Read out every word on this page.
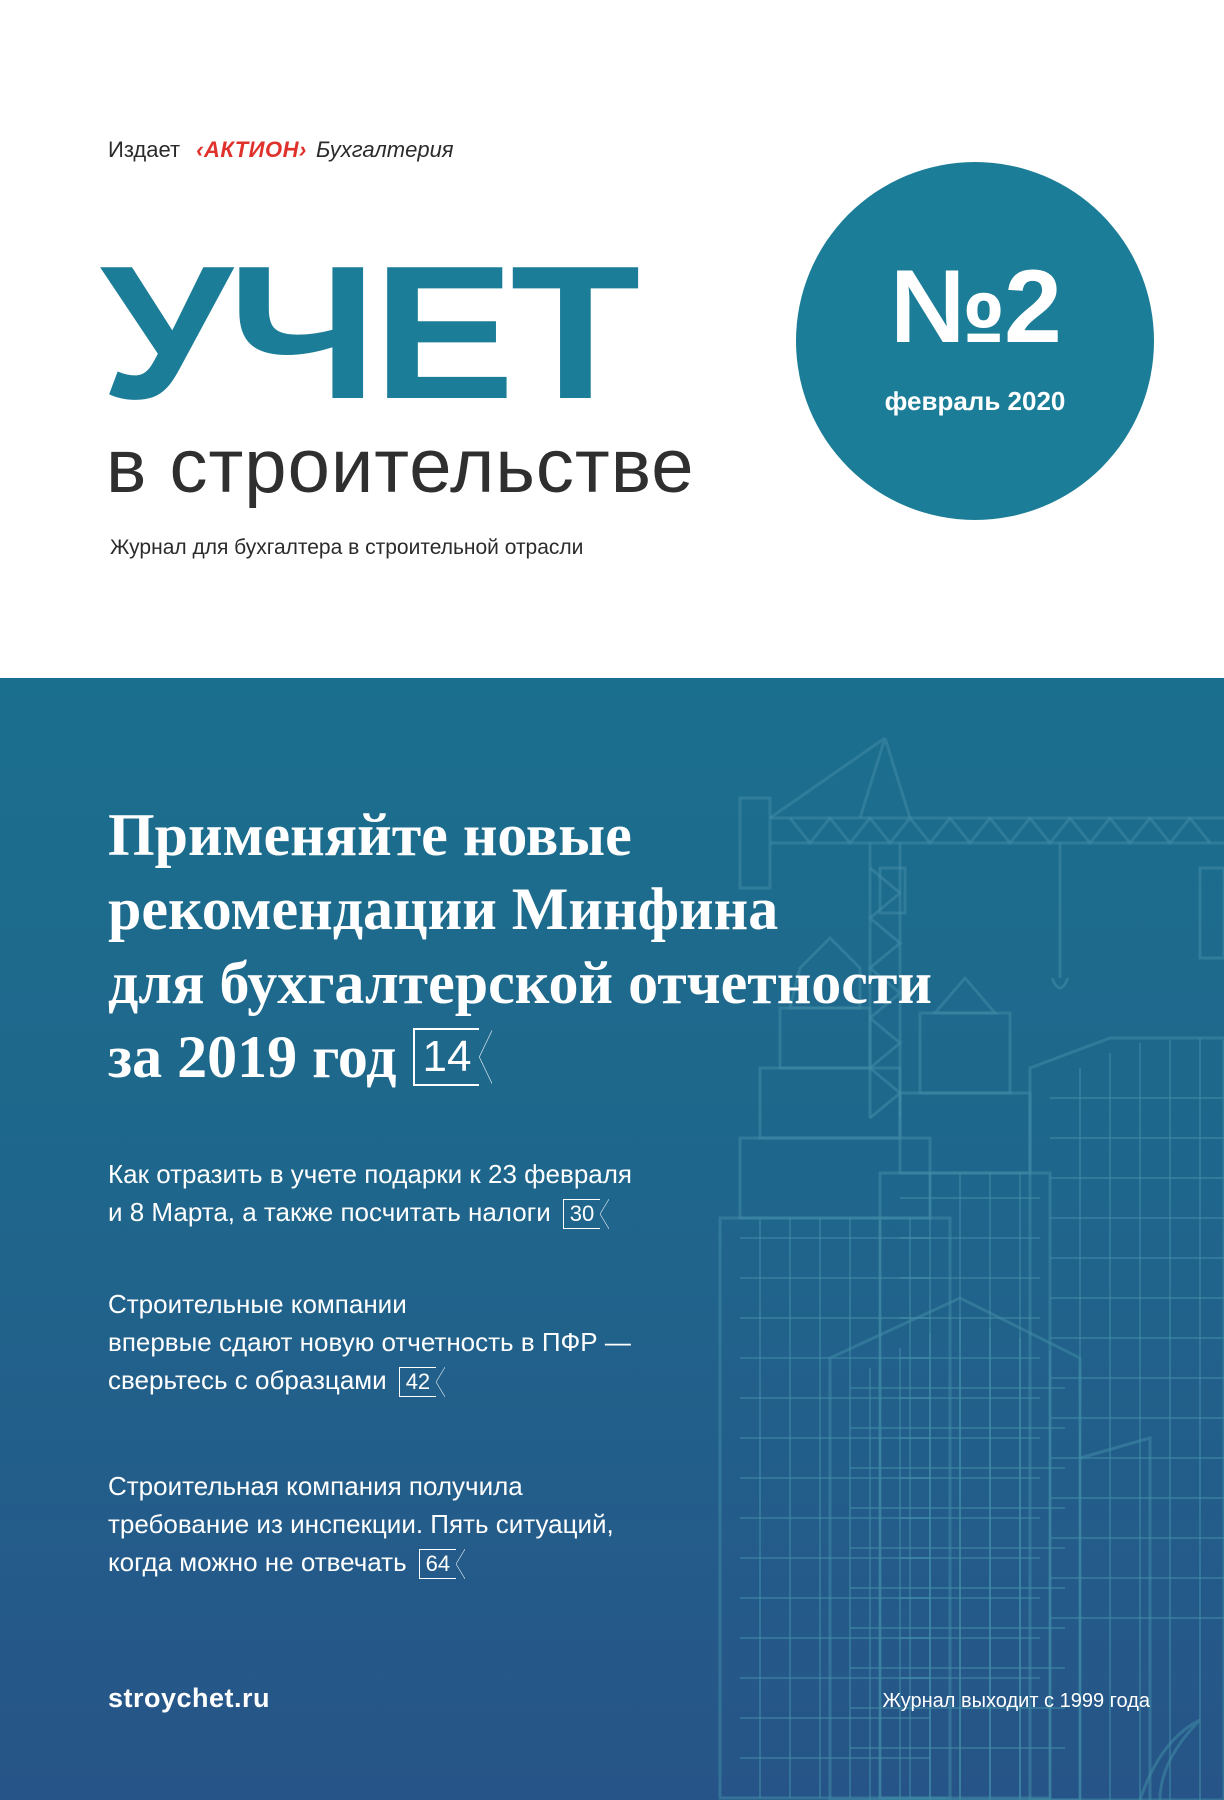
Издает ‹АКТИОН› Бухгалтерия
УЧЕТ
в строительстве
Журнал для бухгалтера в строительной отрасли
№2
февраль 2020
Применяйте новые
рекомендации Минфина
для бухгалтерской отчетности
за 2019 год 14
Как отразить в учете подарки к 23 февраля
и 8 Марта, а также посчитать налоги 30
Строительные компании
впервые сдают новую отчетность в ПФР —
сверьтесь с образцами 42
Строительная компания получила
требование из инспекции. Пять ситуаций,
когда можно не отвечать 64
stroychet.ru	Журнал выходит с 1999 года
